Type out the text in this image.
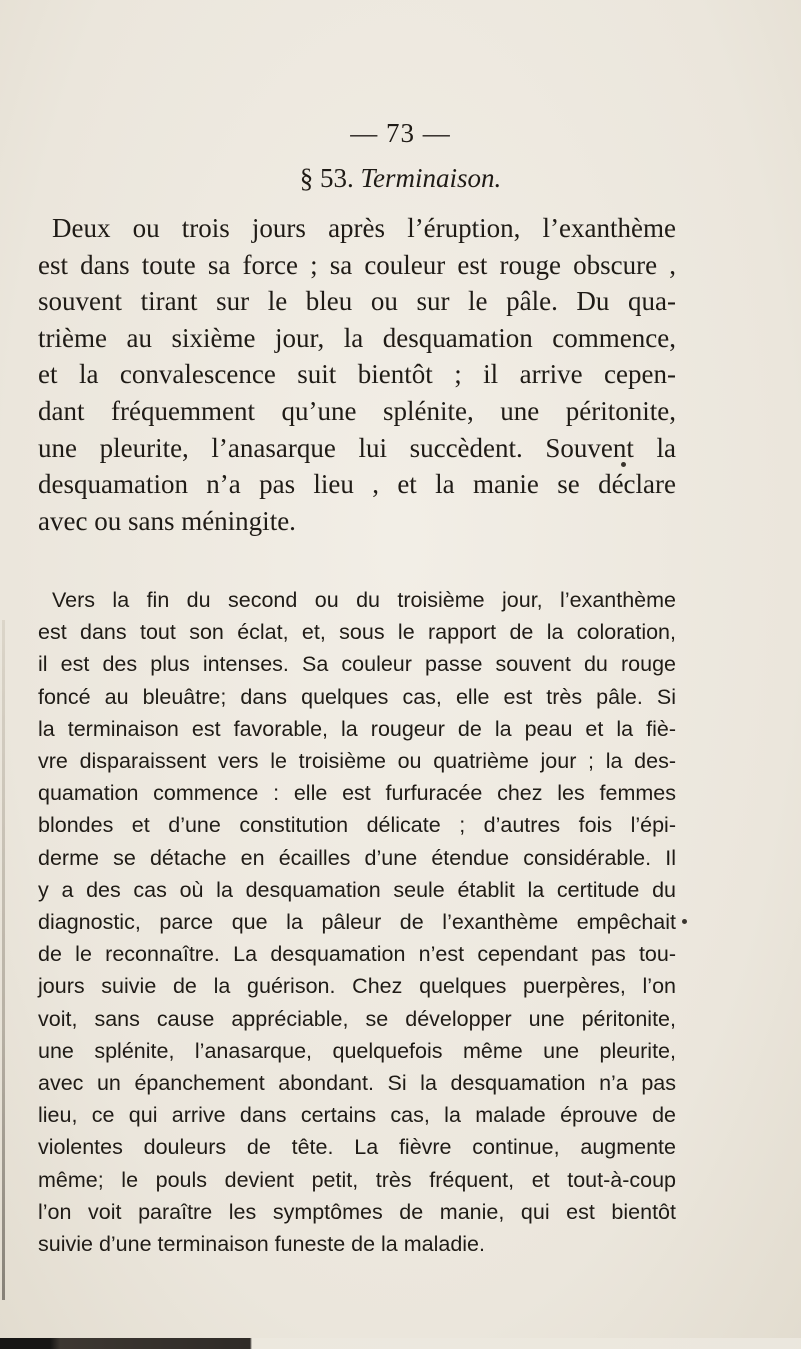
— 73 —
§ 53. Terminaison.
Deux ou trois jours après l’éruption, l’exanthème
est dans toute sa force ; sa couleur est rouge obscure ,
souvent tirant sur le bleu ou sur le pâle. Du qua-
trième au sixième jour, la desquamation commence,
et la convalescence suit bientôt ; il arrive cepen-
dant fréquemment qu’une splénite, une péritonite,
une pleurite, l’anasarque lui succèdent. Souvent la
desquamation n’a pas lieu , et la manie se déclare
avec ou sans méningite.
Vers la fin du second ou du troisième jour, l’exanthème
est dans tout son éclat, et, sous le rapport de la coloration,
il est des plus intenses. Sa couleur passe souvent du rouge
foncé au bleuâtre; dans quelques cas, elle est très pâle. Si
la terminaison est favorable, la rougeur de la peau et la fiè-
vre disparaissent vers le troisième ou quatrième jour ; la des-
quamation commence : elle est furfuracée chez les femmes
blondes et d’une constitution délicate ; d’autres fois l’épi-
derme se détache en écailles d’une étendue considérable. Il
y a des cas où la desquamation seule établit la certitude du
diagnostic, parce que la pâleur de l’exanthème empêchait
de le reconnaître. La desquamation n’est cependant pas tou-
jours suivie de la guérison. Chez quelques puerpères, l’on
voit, sans cause appréciable, se développer une péritonite,
une splénite, l’anasarque, quelquefois même une pleurite,
avec un épanchement abondant. Si la desquamation n’a pas
lieu, ce qui arrive dans certains cas, la malade éprouve de
violentes douleurs de tête. La fièvre continue, augmente
même; le pouls devient petit, très fréquent, et tout-à-coup
l’on voit paraître les symptômes de manie, qui est bientôt
suivie d’une terminaison funeste de la maladie.
